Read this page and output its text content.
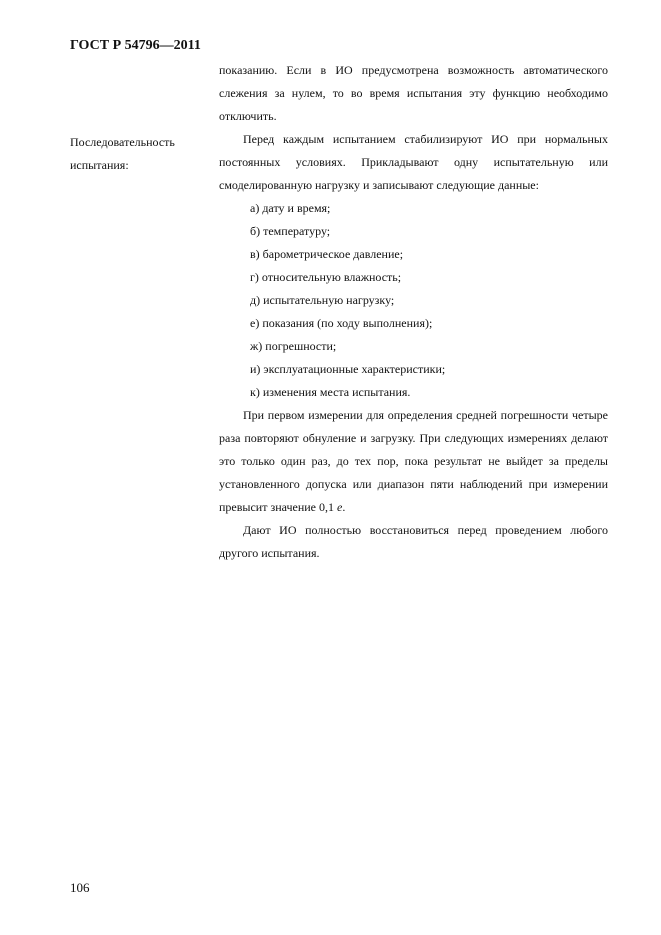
ГОСТ Р 54796—2011
Последовательность испытания:

показанию. Если в ИО предусмотрена возможность автоматического слежения за нулем, то во время испытания эту функцию необходимо отключить.

Перед каждым испытанием стабилизируют ИО при нормальных постоянных условиях. Прикладывают одну испытательную или смоделированную нагрузку и записывают следующие данные:

а) дату и время;
б) температуру;
в) барометрическое давление;
г) относительную влажность;
д) испытательную нагрузку;
е) показания (по ходу выполнения);
ж) погрешности;
и) эксплуатационные характеристики;
к) изменения места испытания.

При первом измерении для определения средней погрешности четыре раза повторяют обнуление и загрузку. При следующих измерениях делают это только один раз, до тех пор, пока результат не выйдет за пределы установленного допуска или диапазон пяти наблюдений при измерении превысит значение 0,1 е.

Дают ИО полностью восстановиться перед проведением любого другого испытания.

106
